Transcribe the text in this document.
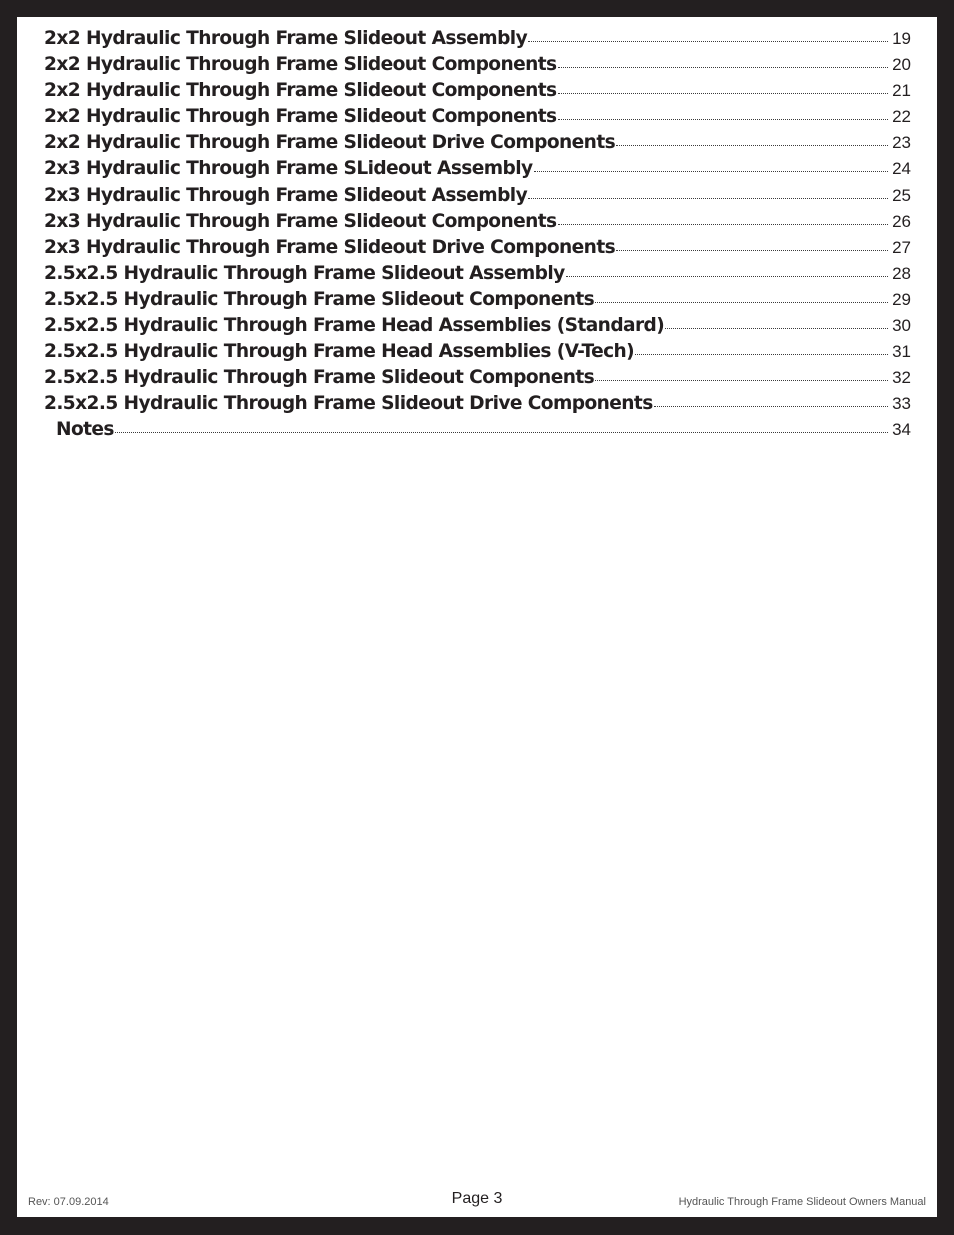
2x2 Hydraulic Through Frame Slideout Assembly	19
2x2 Hydraulic Through Frame Slideout Components	20
2x2 Hydraulic Through Frame Slideout Components	21
2x2 Hydraulic Through Frame Slideout Components	22
2x2 Hydraulic Through Frame Slideout Drive Components	23
2x3 Hydraulic Through Frame SLideout Assembly	24
2x3 Hydraulic Through Frame Slideout Assembly	25
2x3 Hydraulic Through Frame Slideout Components	26
2x3 Hydraulic Through Frame Slideout Drive Components	27
2.5x2.5 Hydraulic Through Frame Slideout Assembly	28
2.5x2.5 Hydraulic Through Frame Slideout Components	29
2.5x2.5 Hydraulic Through Frame Head Assemblies (Standard)	30
2.5x2.5 Hydraulic Through Frame Head Assemblies (V-Tech)	31
2.5x2.5 Hydraulic Through Frame Slideout Components	32
2.5x2.5 Hydraulic Through Frame Slideout Drive Components	33
Notes	34
Rev: 07.09.2014	Page 3	Hydraulic Through Frame Slideout Owners Manual
